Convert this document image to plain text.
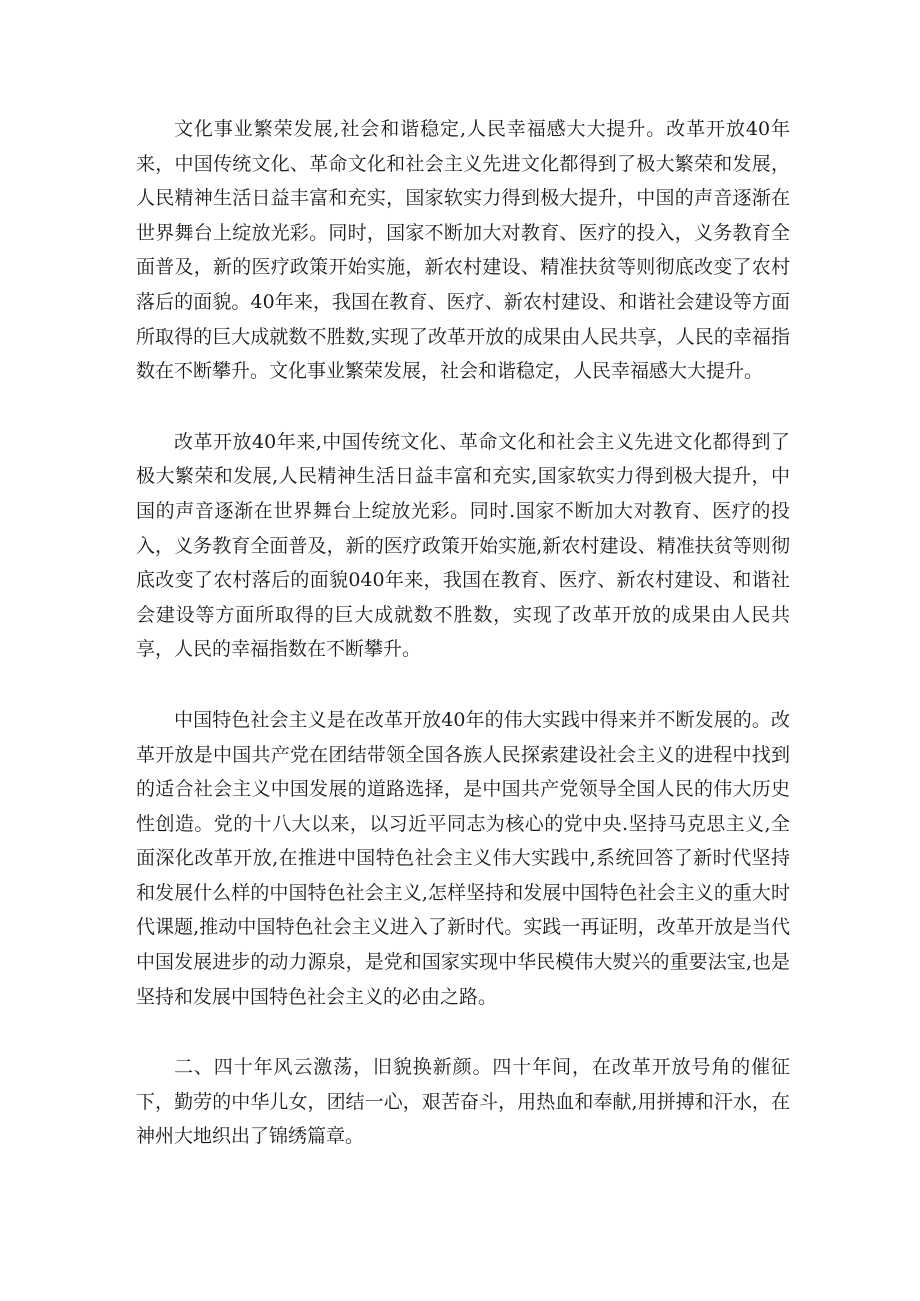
文化事业繁荣发展,社会和谐稳定,人民幸福感大大提升。改革开放40年来，中国传统文化、革命文化和社会主义先进文化都得到了极大繁荣和发展，人民精神生活日益丰富和充实，国家软实力得到极大提升，中国的声音逐渐在世界舞台上绽放光彩。同时，国家不断加大对教育、医疗的投入，义务教育全面普及，新的医疗政策开始实施，新农村建设、精准扶贫等则彻底改变了农村落后的面貌。40年来，我国在教育、医疗、新农村建设、和谐社会建设等方面所取得的巨大成就数不胜数,实现了改革开放的成果由人民共享，人民的幸福指数在不断攀升。文化事业繁荣发展，社会和谐稳定，人民幸福感大大提升。

改革开放40年来,中国传统文化、革命文化和社会主义先进文化都得到了极大繁荣和发展,人民精神生活日益丰富和充实,国家软实力得到极大提升，中国的声音逐渐在世界舞台上绽放光彩。同时.国家不断加大对教育、医疗的投入，义务教育全面普及，新的医疗政策开始实施,新农村建设、精准扶贫等则彻底改变了农村落后的面貌040年来，我国在教育、医疗、新农村建设、和谐社会建设等方面所取得的巨大成就数不胜数，实现了改革开放的成果由人民共享，人民的幸福指数在不断攀升。

中国特色社会主义是在改革开放40年的伟大实践中得来并不断发展的。改革开放是中国共产党在团结带领全国各族人民探索建设社会主义的进程中找到的适合社会主义中国发展的道路选择，是中国共产党领导全国人民的伟大历史性创造。党的十八大以来，以习近平同志为核心的党中央.坚持马克思主义,全面深化改革开放,在推进中国特色社会主义伟大实践中,系统回答了新时代坚持和发展什么样的中国特色社会主义,怎样坚持和发展中国特色社会主义的重大时代课题,推动中国特色社会主义进入了新时代。实践一再证明，改革开放是当代中国发展进步的动力源泉，是党和国家实现中华民模伟大熨兴的重要法宝,也是坚持和发展中国特色社会主义的必由之路。

二、四十年风云激荡，旧貌换新颜。四十年间，在改革开放号角的催征下，勤劳的中华儿女，团结一心，艰苦奋斗，用热血和奉献,用拼搏和汗水，在神州大地织出了锦绣篇章。
